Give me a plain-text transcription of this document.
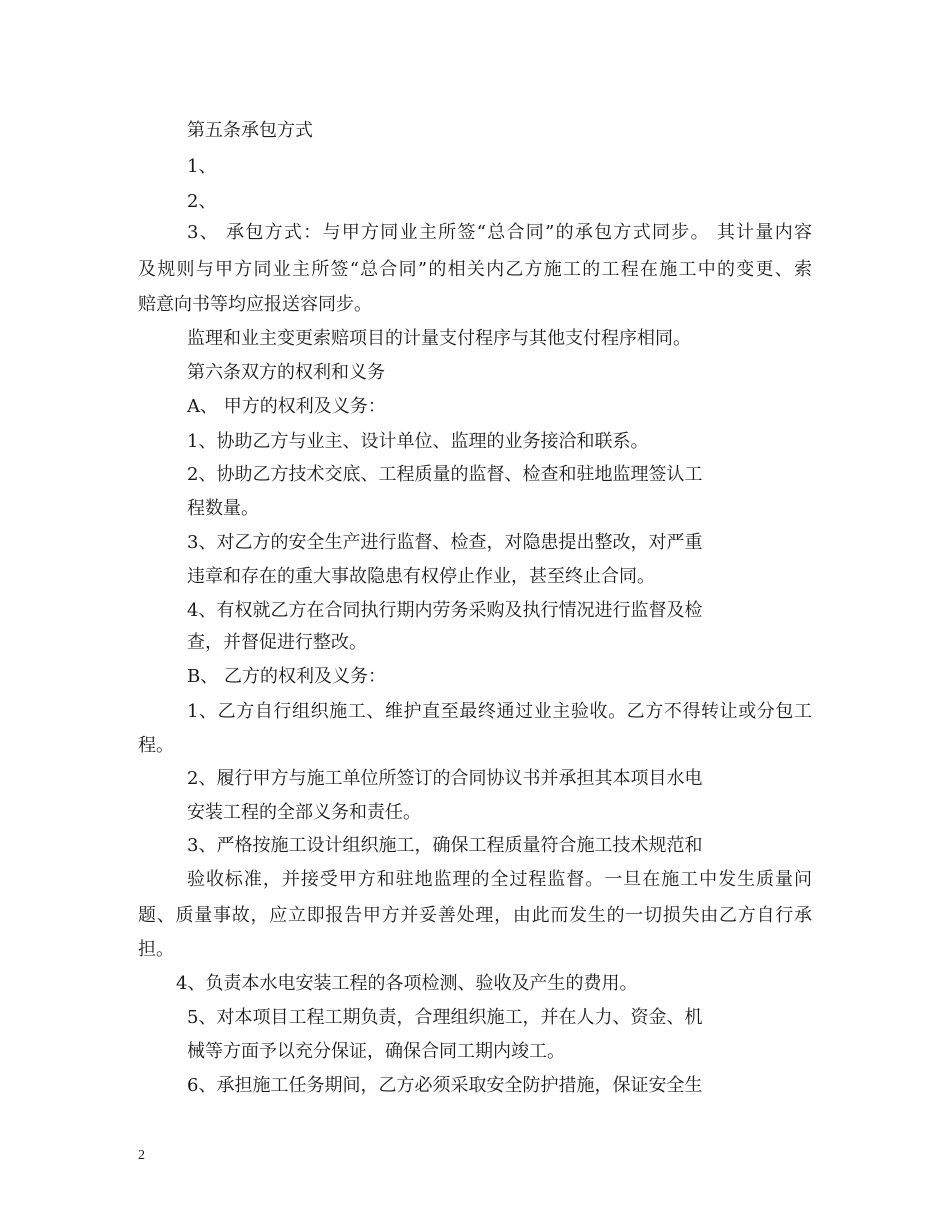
第五条承包方式
1、
2、
3、 承包方式：与甲方同业主所签“总合同”的承包方式同步。 其计量内容
及规则与甲方同业主所签“总合同”的相关内乙方施工的工程在施工中的变更、索
赔意向书等均应报送容同步。
监理和业主变更索赔项目的计量支付程序与其他支付程序相同。
第六条双方的权利和义务
A、 甲方的权利及义务：
1、协助乙方与业主、设计单位、监理的业务接洽和联系。
2、协助乙方技术交底、工程质量的监督、检查和驻地监理签认工
程数量。
3、对乙方的安全生产进行监督、检查，对隐患提出整改，对严重
违章和存在的重大事故隐患有权停止作业，甚至终止合同。
4、有权就乙方在合同执行期内劳务采购及执行情况进行监督及检
查，并督促进行整改。
B、 乙方的权利及义务：
1、乙方自行组织施工、维护直至最终通过业主验收。乙方不得转让或分包工
程。
2、履行甲方与施工单位所签订的合同协议书并承担其本项目水电
安装工程的全部义务和责任。
3、严格按施工设计组织施工，确保工程质量符合施工技术规范和
验收标准，并接受甲方和驻地监理的全过程监督。一旦在施工中发生质量问
题、质量事故，应立即报告甲方并妥善处理，由此而发生的一切损失由乙方自行承
担。
4、负责本水电安装工程的各项检测、验收及产生的费用。
5、对本项目工程工期负责，合理组织施工，并在人力、资金、机
械等方面予以充分保证，确保合同工期内竣工。
6、承担施工任务期间，乙方必须采取安全防护措施，保证安全生
2
